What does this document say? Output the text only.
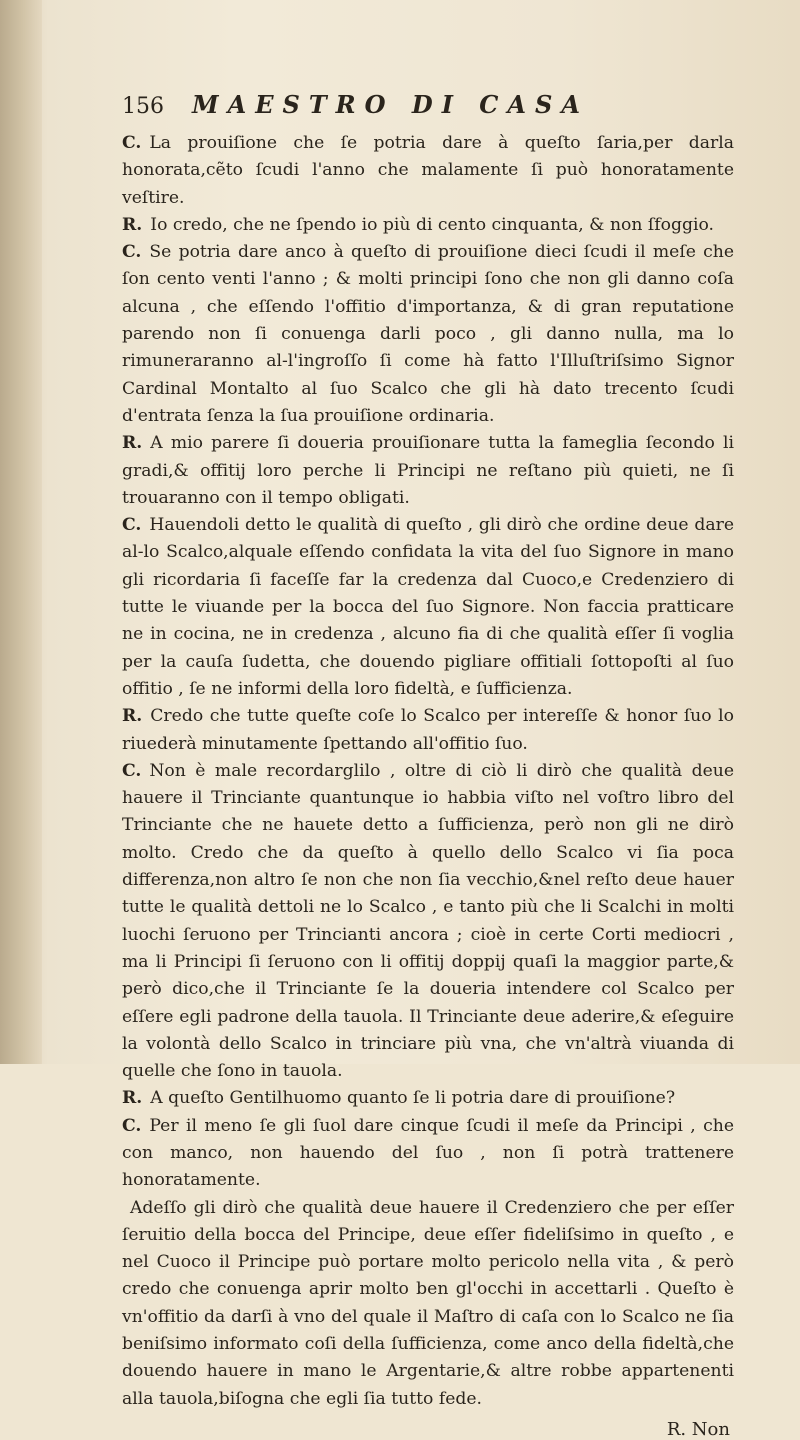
156 MAESTRO DI CASA

C. La prouiſione che ſe potria dare à queſto ſaria,per darla honorata,cẽto ſcudi l'anno che malamente ſi può honoratamente veſtire.

R. Io credo, che ne ſpendo io più di cento cinquanta, & non ſfoggio.

C. Se potria dare anco à queſto di prouiſione dieci ſcudi il meſe che ſon cento venti l'anno ; & molti principi ſono che non gli danno coſa alcuna , che eſſendo l'offitio d'importanza, & di gran reputatione parendo non ſi conuenga darli poco , gli danno nulla, ma lo rimuneraranno al-l'ingroſſo ſi come hà fatto l'Illuſtriſsimo Signor Cardinal Montalto al ſuo Scalco che gli hà dato trecento ſcudi d'entrata ſenza la ſua prouiſione ordinaria.

R. A mio parere ſi doueria prouiſionare tutta la fameglia ſecondo li gradi,& offitij loro perche li Principi ne reſtano più quieti, ne ſi trouaranno con il tempo obligati.

C. Hauendoli detto le qualità di queſto , gli dirò che ordine deue dare al-lo Scalco,alquale eſſendo confidata la vita del ſuo Signore in mano gli ricordaria ſi faceſſe far la credenza dal Cuoco,e Credenziero di tutte le viuande per la bocca del ſuo Signore. Non faccia pratticare ne in cocina, ne in credenza , alcuno fia di che qualità eſſer ſi voglia per la cauſa ſudetta, che douendo pigliare offitiali ſottopoſti al ſuo offitio , ſe ne informi della loro fideltà, e ſufficienza.

R. Credo che tutte queſte coſe lo Scalco per intereſſe & honor ſuo lo riuederà minutamente ſpettando all'offitio ſuo.

C. Non è male recordarglilo , oltre di ciò li dirò che qualità deue hauere il Trinciante quantunque io habbia viſto nel voſtro libro del Trinciante che ne hauete detto a ſufficienza, però non gli ne dirò molto. Credo che da queſto à quello dello Scalco vi ſia poca differenza,non altro ſe non che non ſia vecchio,&nel reſto deue hauer tutte le qualità dettoli ne lo Scalco , e tanto più che li Scalchi in molti luochi ſeruono per Trincianti ancora ; cioè in certe Corti mediocri , ma li Principi ſi ſeruono con li offitij doppij quaſi la maggior parte,& però dico,che il Trinciante ſe la doueria intendere col Scalco per eſſere egli padrone della tauola. Il Trinciante deue aderire,& eſeguire la volontà dello Scalco in trinciare più vna, che vn'altrà viuanda di quelle che ſono in tauola.

R. A queſto Gentilhuomo quanto ſe li potria dare di prouiſione?

C. Per il meno ſe gli ſuol dare cinque ſcudi il meſe da Principi , che con manco, non hauendo del ſuo , non ſi potrà trattenere honoratamente.

Adeſſo gli dirò che qualità deue hauere il Credenziero che per eſſer ſeruitio della bocca del Principe, deue eſſer fideliſsimo in queſto , e nel Cuoco il Principe può portare molto pericolo nella vita , & però credo che conuenga aprir molto ben gl'occhi in accettarli . Queſto è vn'offitio da darſi à vno del quale il Maſtro di caſa con lo Scalco ne ſia beniſsimo informato coſi della ſufficienza, come anco della fideltà,che douendo hauere in mano le Argentarie,& altre robbe appartenenti alla tauola,biſogna che egli ſia tutto fede.

R. Non
